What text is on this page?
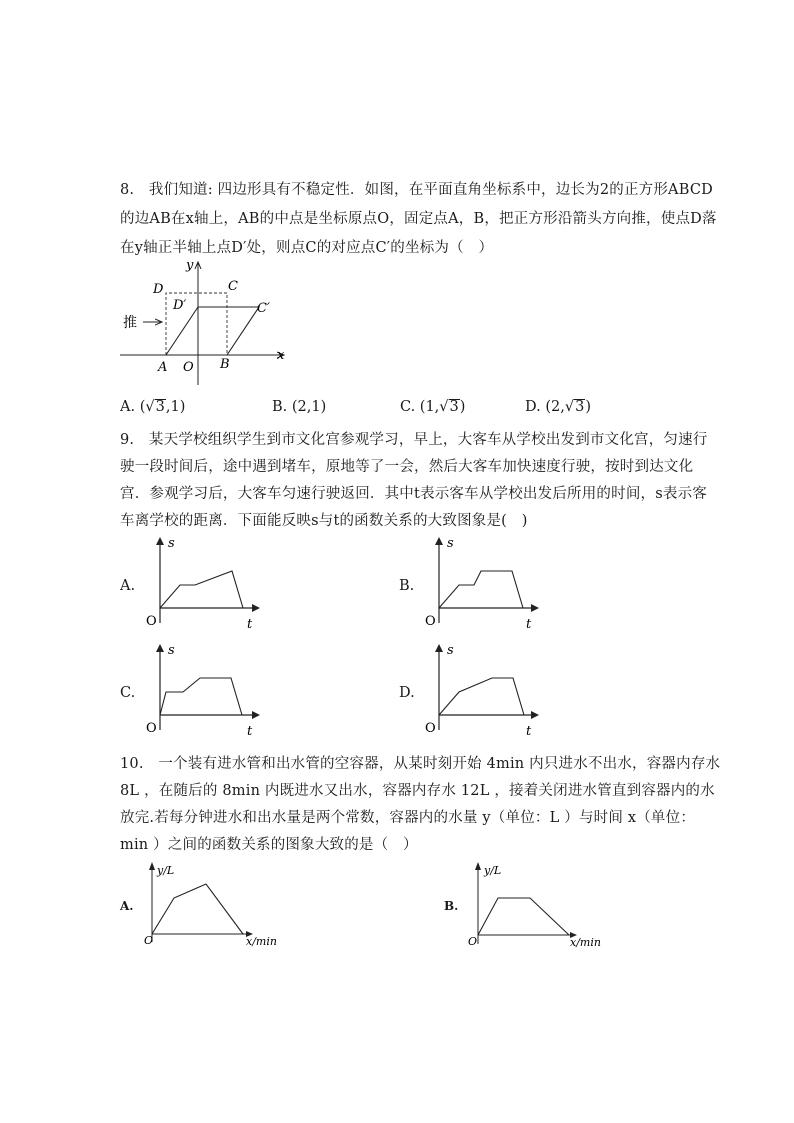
8.　我们知道: 四边形具有不稳定性．如图，在平面直角坐标系中，边长为2的正方形ABCD
的边AB在x轴上，AB的中点是坐标原点O，固定点A，B，把正方形沿箭头方向推，使点D落
在y轴正半轴上点D′处，则点C的对应点C′的坐标为（　）
推
y
x
D	C
D′	C′
A O B
A. (√3,1)	B. (2,1)	C. (1,√3)	D. (2,√3)
9.　某天学校组织学生到市文化宫参观学习，早上，大客车从学校出发到市文化宫，匀速行
驶一段时间后，途中遇到堵车，原地等了一会，然后大客车加快速度行驶，按时到达文化
宫．参观学习后，大客车匀速行驶返回．其中t表示客车从学校出发后所用的时间，s表示客
车离学校的距离．下面能反映s与t的函数关系的大致图象是(　)
A.
s
t
O
B.
s
t
O
C.
s
t
O
D.
s
t
O
10.　一个装有进水管和出水管的空容器，从某时刻开始 4min 内只进水不出水，容器内存水
8L ，在随后的 8min 内既进水又出水，容器内存水 12L ，接着关闭进水管直到容器内的水
放完.若每分钟进水和出水量是两个常数，容器内的水量 y（单位：L ）与时间 x（单位：
min ）之间的函数关系的图象大致的是（　）
A.
y/L
x/min
O
B.
y/L
x/min
O
